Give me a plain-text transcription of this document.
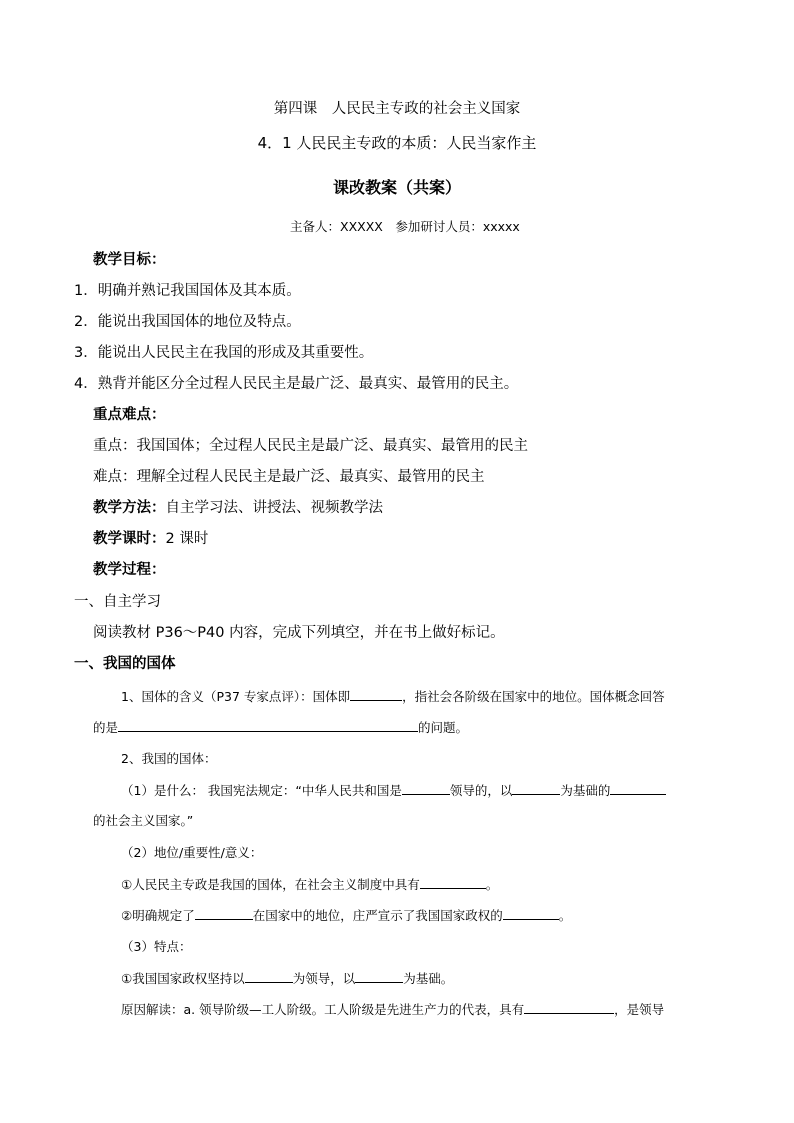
第四课　人民民主专政的社会主义国家
4．1 人民民主专政的本质：人民当家作主
课改教案（共案）
主备人：XXXXX　参加研讨人员：xxxxx
教学目标：
1．明确并熟记我国国体及其本质。
2．能说出我国国体的地位及特点。
3．能说出人民民主在我国的形成及其重要性。
4．熟背并能区分全过程人民民主是最广泛、最真实、最管用的民主。
重点难点：
重点：我国国体；全过程人民民主是最广泛、最真实、最管用的民主
难点：理解全过程人民民主是最广泛、最真实、最管用的民主
教学方法：自主学习法、讲授法、视频教学法
教学课时：2 课时
教学过程：
一、自主学习
阅读教材 P36～P40 内容，完成下列填空，并在书上做好标记。
一、我国的国体
1、国体的含义（P37 专家点评）：国体即	，指社会各阶级在国家中的地位。国体概念回答
的是	的问题。
2、我国的国体：
（1）是什么： 我国宪法规定：“中华人民共和国是	领导的，以	为基础的
的社会主义国家。”
（2）地位/重要性/意义：
①人民民主专政是我国的国体，在社会主义制度中具有	。
②明确规定了	在国家中的地位，庄严宣示了我国国家政权的	。
（3）特点：
①我国国家政权坚持以	为领导，以	为基础。
原因解读：a. 领导阶级—工人阶级。工人阶级是先进生产力的代表，具有	，是领导
